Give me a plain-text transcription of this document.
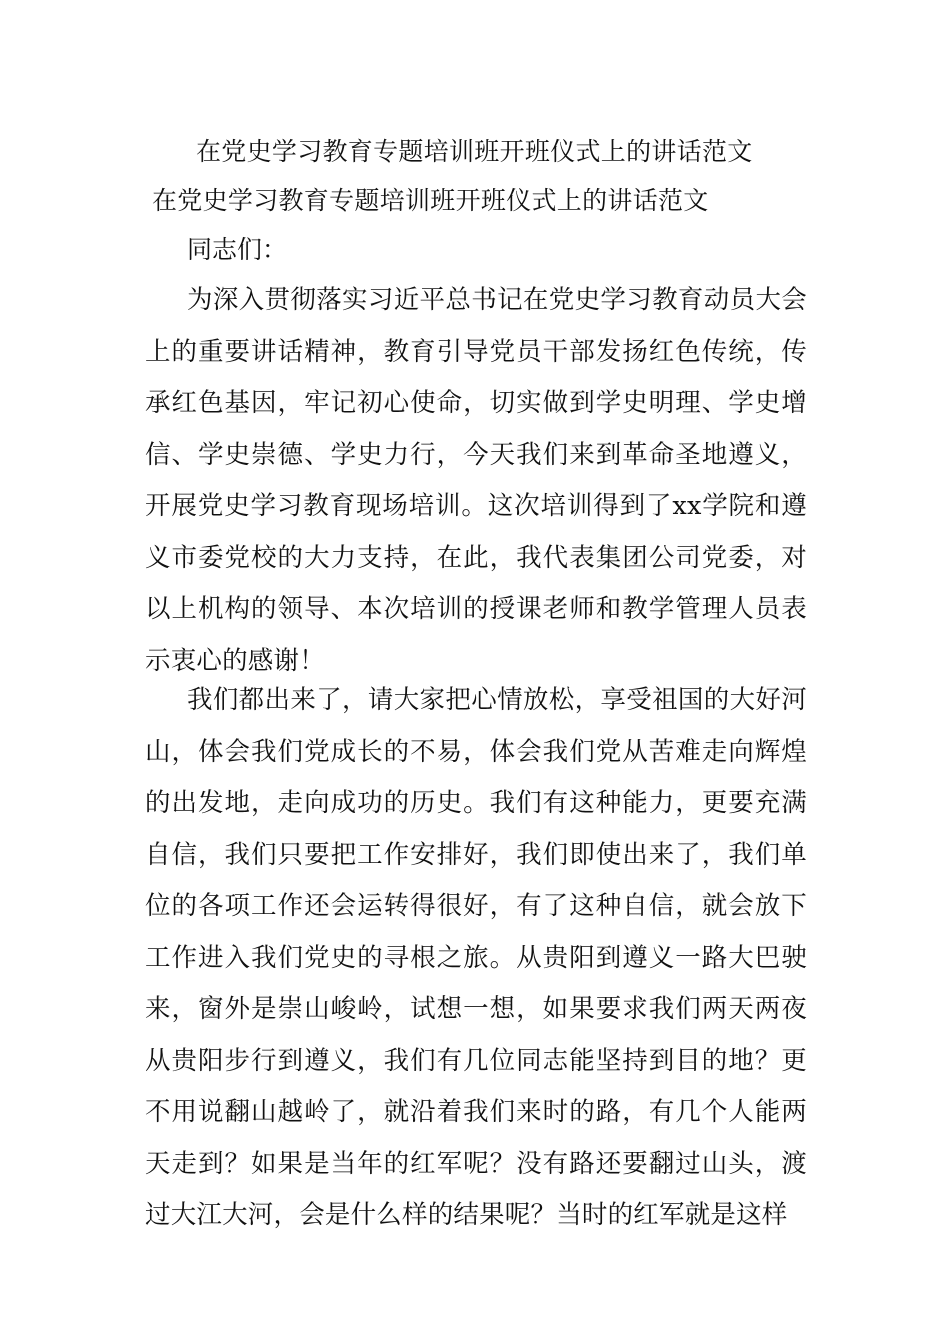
在党史学习教育专题培训班开班仪式上的讲话范文
在党史学习教育专题培训班开班仪式上的讲话范文
同志们：

为深入贯彻落实习近平总书记在党史学习教育动员大会上的重要讲话精神，教育引导党员干部发扬红色传统，传承红色基因，牢记初心使命，切实做到学史明理、学史增信、学史崇德、学史力行，今天我们来到革命圣地遵义，开展党史学习教育现场培训。这次培训得到了xx学院和遵义市委党校的大力支持，在此，我代表集团公司党委，对以上机构的领导、本次培训的授课老师和教学管理人员表示衷心的感谢！

我们都出来了，请大家把心情放松，享受祖国的大好河山，体会我们党成长的不易，体会我们党从苦难走向辉煌的出发地，走向成功的历史。我们有这种能力，更要充满自信，我们只要把工作安排好，我们即使出来了，我们单位的各项工作还会运转得很好，有了这种自信，就会放下工作进入我们党史的寻根之旅。从贵阳到遵义一路大巴驶来，窗外是崇山峻岭，试想一想，如果要求我们两天两夜从贵阳步行到遵义，我们有几位同志能坚持到目的地？更不用说翻山越岭了，就沿着我们来时的路，有几个人能两天走到？如果是当年的红军呢？没有路还要翻过山头，渡过大江大河，会是什么样的结果呢？当时的红军就是这样
